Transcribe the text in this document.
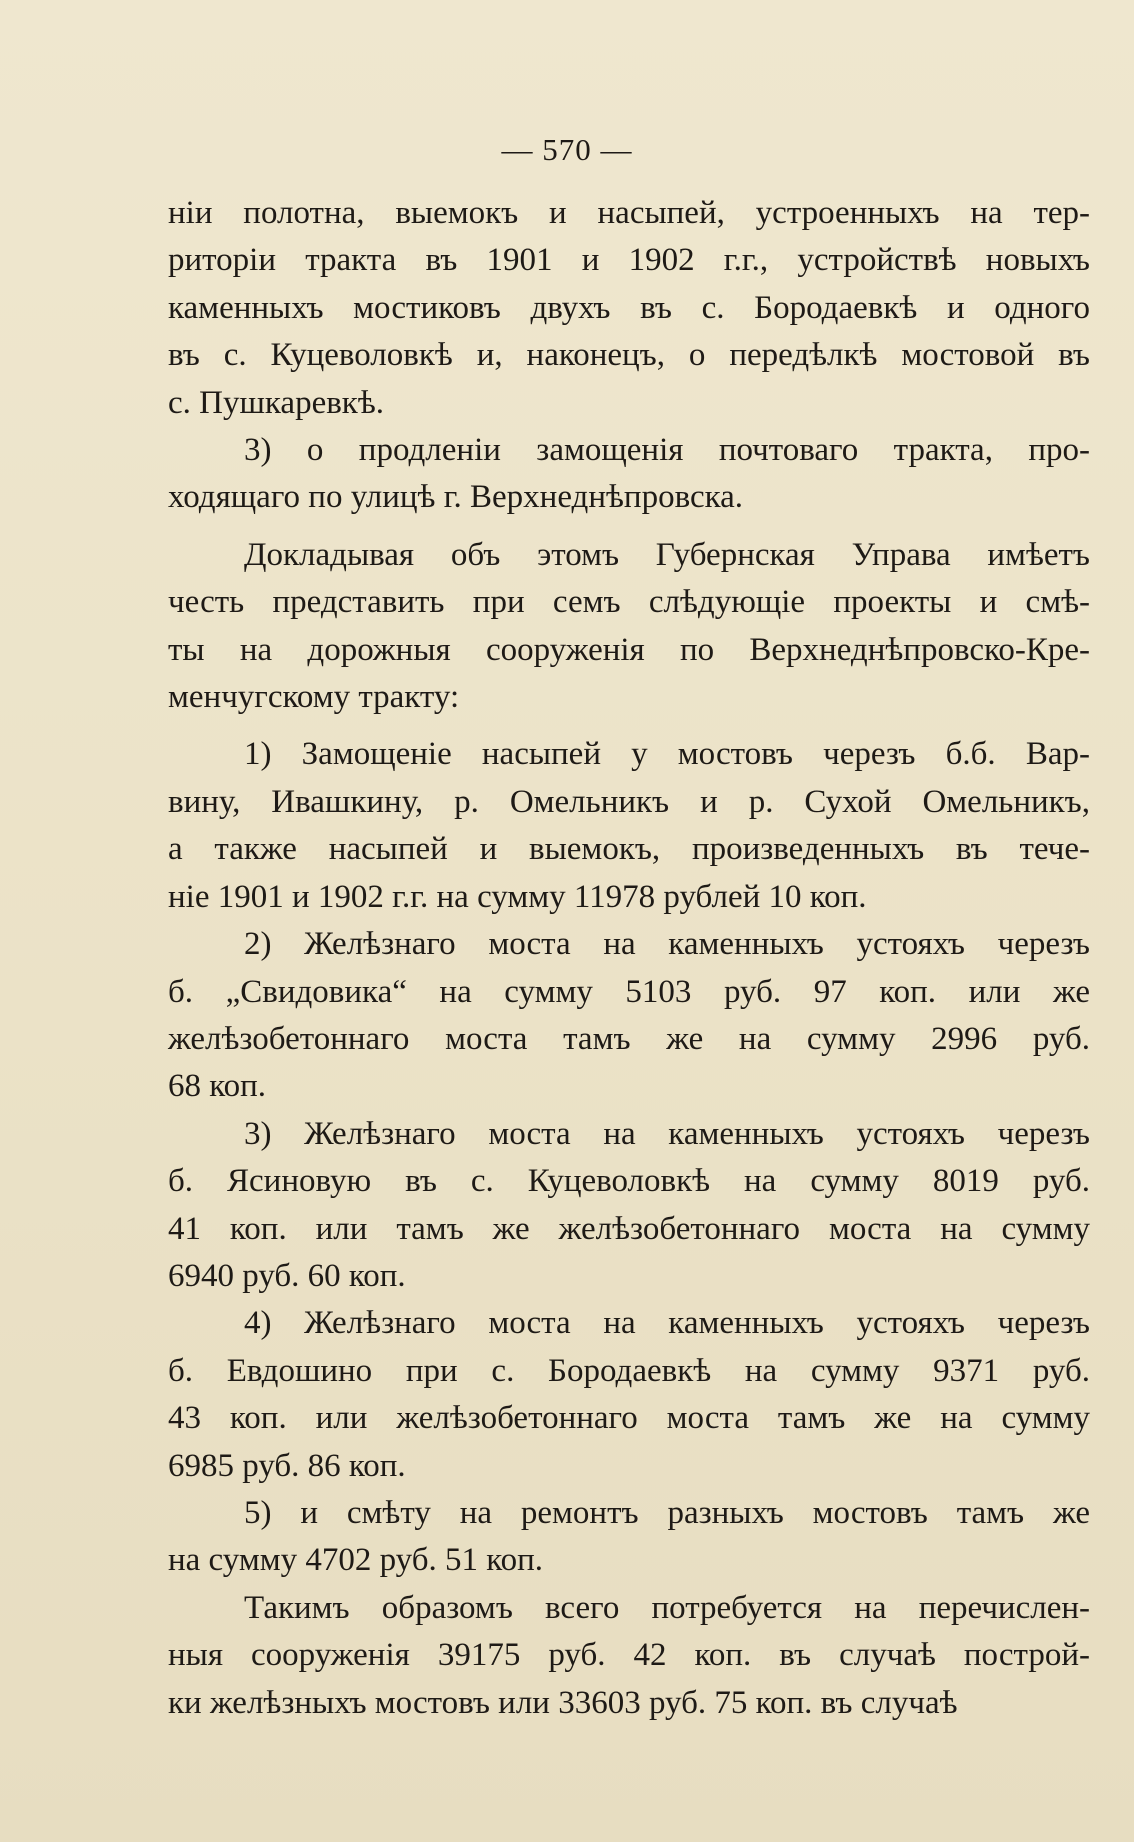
— 570 —
нiи полотна, выемокъ и насыпей, устроенныхъ на тер-
риторiи тракта въ 1901 и 1902 г.г., устройствѣ новыхъ
каменныхъ мостиковъ двухъ въ с. Бородаевкѣ и одного
въ с. Куцеволовкѣ и, наконецъ, о передѣлкѣ мостовой въ
с. Пушкаревкѣ.
3) о продленiи замощенiя почтоваго тракта, про-
ходящаго по улицѣ г. Верхнеднѣпровска.
Докладывая объ этомъ Губернская Управа имѣетъ
честь представить при семъ слѣдующiе проекты и смѣ-
ты на дорожныя сооруженiя по Верхнеднѣпровско-Кре-
менчугскому тракту:
1) Замощенiе насыпей у мостовъ черезъ б.б. Вар-
вину, Ивашкину, р. Омельникъ и р. Сухой Омельникъ,
а также насыпей и выемокъ, произведенныхъ въ тече-
нiе 1901 и 1902 г.г. на сумму 11978 рублей 10 коп.
2) Желѣзнаго моста на каменныхъ устояхъ черезъ
б. „Свидовика“ на сумму 5103 руб. 97 коп. или же
желѣзобетоннаго моста тамъ же на сумму 2996 руб.
68 коп.
3) Желѣзнаго моста на каменныхъ устояхъ черезъ
б. Ясиновую въ с. Куцеволовкѣ на сумму 8019 руб.
41 коп. или тамъ же желѣзобетоннаго моста на сумму
6940 руб. 60 коп.
4) Желѣзнаго моста на каменныхъ устояхъ черезъ
б. Евдошино при с. Бородаевкѣ на сумму 9371 руб.
43 коп. или желѣзобетоннаго моста тамъ же на сумму
6985 руб. 86 коп.
5) и смѣту на ремонтъ разныхъ мостовъ тамъ же
на сумму 4702 руб. 51 коп.
Такимъ образомъ всего потребуется на перечислен-
ныя сооруженiя 39175 руб. 42 коп. въ случаѣ построй-
ки желѣзныхъ мостовъ или 33603 руб. 75 коп. въ случаѣ
